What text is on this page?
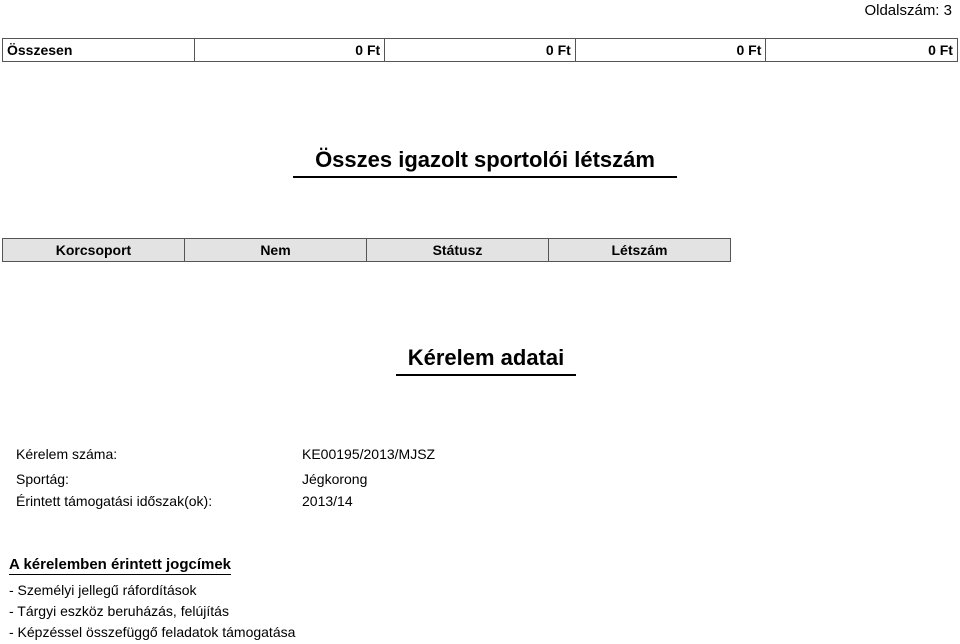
Oldalszám: 3
Összesen	0 Ft	0 Ft	0 Ft	0 Ft
Összes igazolt sportolói létszám
Korcsoport	Nem	Státusz	Létszám
Kérelem adatai
Kérelem száma:	KE00195/2013/MJSZ
Sportág:	Jégkorong
Érintett támogatási időszak(ok):	2013/14
A kérelemben érintett jogcímek
- Személyi jellegű ráfordítások
- Tárgyi eszköz beruházás, felújítás
- Képzéssel összefüggő feladatok támogatása
